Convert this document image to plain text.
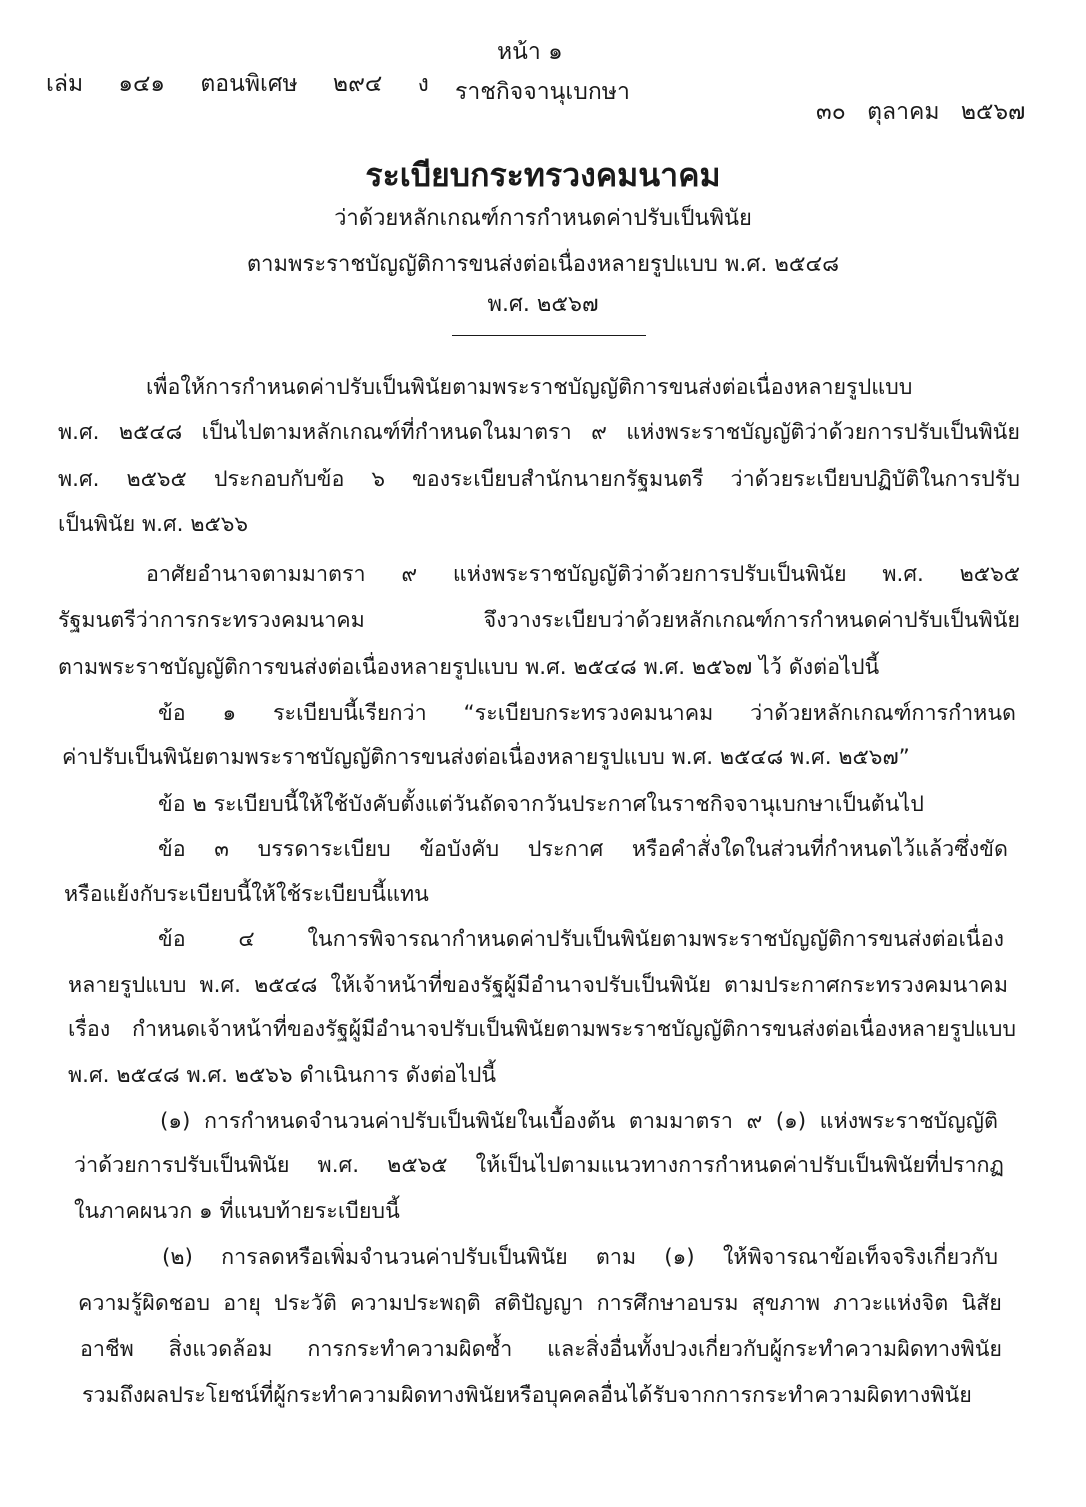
หน้า ๑
เล่ม ๑๔๑ ตอนพิเศษ ๒๙๔ ง ราชกิจจานุเบกษา
๓๐ ตุลาคม ๒๕๖๗
ระเบียบกระทรวงคมนาคม
ว่าด้วยหลักเกณฑ์การกำหนดค่าปรับเป็นพินัย
ตามพระราชบัญญัติการขนส่งต่อเนื่องหลายรูปแบบ พ.ศ. ๒๕๔๘
พ.ศ. ๒๕๖๗
เพื่อให้การกำหนดค่าปรับเป็นพินัยตามพระราชบัญญัติการขนส่งต่อเนื่องหลายรูปแบบ
พ.ศ. ๒๕๔๘ เป็นไปตามหลักเกณฑ์ที่กำหนดในมาตรา ๙ แห่งพระราชบัญญัติว่าด้วยการปรับเป็นพินัย
พ.ศ. ๒๕๖๕ ประกอบกับข้อ ๖ ของระเบียบสำนักนายกรัฐมนตรี ว่าด้วยระเบียบปฏิบัติในการปรับ
เป็นพินัย พ.ศ. ๒๕๖๖
อาศัยอำนาจตามมาตรา ๙ แห่งพระราชบัญญัติว่าด้วยการปรับเป็นพินัย พ.ศ. ๒๕๖๕
รัฐมนตรีว่าการกระทรวงคมนาคม	จึงวางระเบียบว่าด้วยหลักเกณฑ์การกำหนดค่าปรับเป็นพินัย
ตามพระราชบัญญัติการขนส่งต่อเนื่องหลายรูปแบบ พ.ศ. ๒๕๔๘ พ.ศ. ๒๕๖๗ ไว้ ดังต่อไปนี้
ข้อ ๑ ระเบียบนี้เรียกว่า “ระเบียบกระทรวงคมนาคม ว่าด้วยหลักเกณฑ์การกำหนด
ค่าปรับเป็นพินัยตามพระราชบัญญัติการขนส่งต่อเนื่องหลายรูปแบบ พ.ศ. ๒๕๔๘ พ.ศ. ๒๕๖๗”
ข้อ ๒ ระเบียบนี้ให้ใช้บังคับตั้งแต่วันถัดจากวันประกาศในราชกิจจานุเบกษาเป็นต้นไป
ข้อ ๓ บรรดาระเบียบ ข้อบังคับ ประกาศ หรือคำสั่งใดในส่วนที่กำหนดไว้แล้วซึ่งขัด
หรือแย้งกับระเบียบนี้ให้ใช้ระเบียบนี้แทน
ข้อ ๔ ในการพิจารณากำหนดค่าปรับเป็นพินัยตามพระราชบัญญัติการขนส่งต่อเนื่อง
หลายรูปแบบ พ.ศ. ๒๕๔๘ ให้เจ้าหน้าที่ของรัฐผู้มีอำนาจปรับเป็นพินัย ตามประกาศกระทรวงคมนาคม
เรื่อง กำหนดเจ้าหน้าที่ของรัฐผู้มีอำนาจปรับเป็นพินัยตามพระราชบัญญัติการขนส่งต่อเนื่องหลายรูปแบบ
พ.ศ. ๒๕๔๘ พ.ศ. ๒๕๖๖ ดำเนินการ ดังต่อไปนี้
(๑) การกำหนดจำนวนค่าปรับเป็นพินัยในเบื้องต้น ตามมาตรา ๙ (๑) แห่งพระราชบัญญัติ
ว่าด้วยการปรับเป็นพินัย พ.ศ. ๒๕๖๕ ให้เป็นไปตามแนวทางการกำหนดค่าปรับเป็นพินัยที่ปรากฏ
ในภาคผนวก ๑ ที่แนบท้ายระเบียบนี้
(๒) การลดหรือเพิ่มจำนวนค่าปรับเป็นพินัย ตาม (๑) ให้พิจารณาข้อเท็จจริงเกี่ยวกับ
ความรู้ผิดชอบ อายุ ประวัติ ความประพฤติ สติปัญญา การศึกษาอบรม สุขภาพ ภาวะแห่งจิต นิสัย
อาชีพ สิ่งแวดล้อม การกระทำความผิดซ้ำ และสิ่งอื่นทั้งปวงเกี่ยวกับผู้กระทำความผิดทางพินัย
รวมถึงผลประโยชน์ที่ผู้กระทำความผิดทางพินัยหรือบุคคลอื่นได้รับจากการกระทำความผิดทางพินัย
